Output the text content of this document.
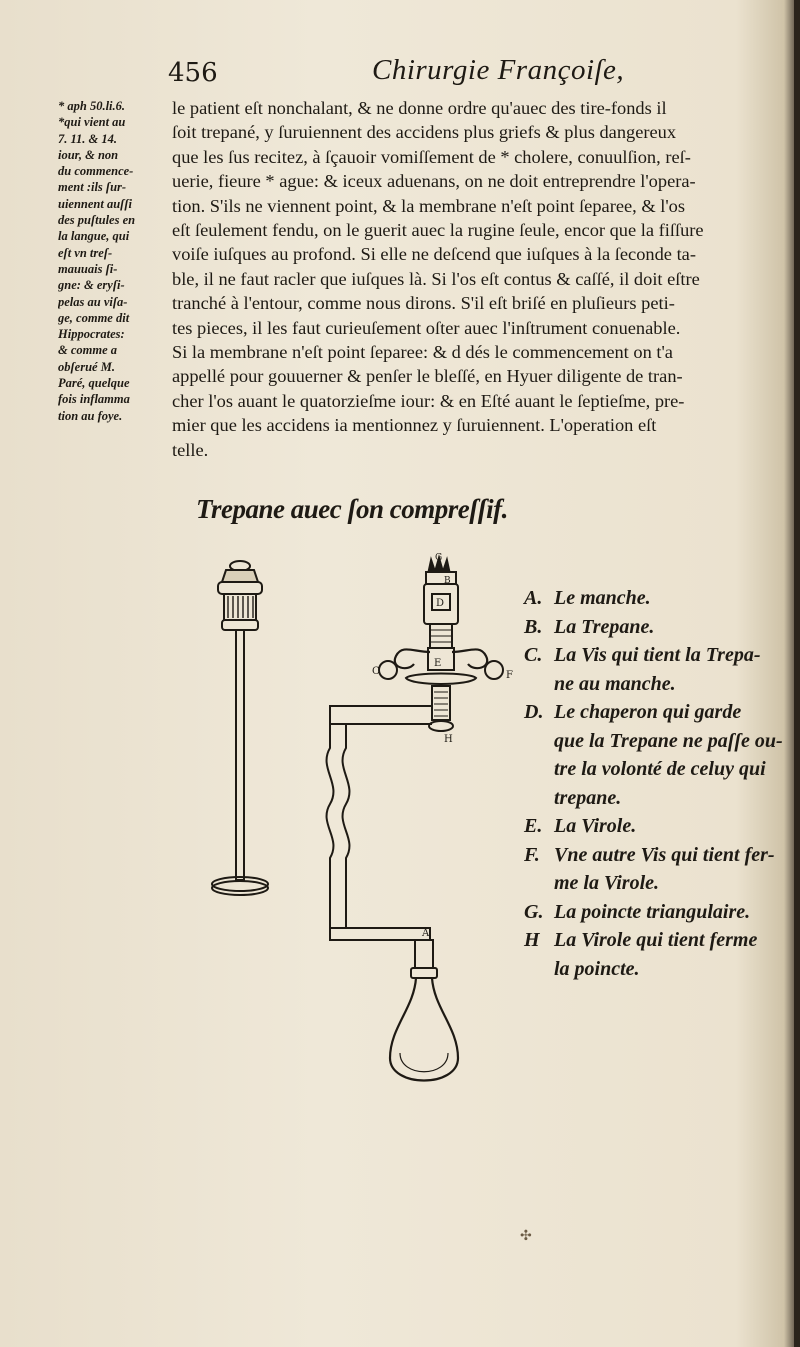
456	Chirurgie Françoiſe,
* aph 50.li.6.
*qui vient au
7. 11. & 14.
iour, & non
du commence-
ment :ils ſur-
uiennent auſſi
des puſtules en
la langue, qui
eſt vn treſ-
mauuais ſi-
gne: & eryſi-
pelas au viſa-
ge, comme dit
Hippocrates:
& comme a
obſerué M.
Paré, quelque
fois inflamma
tion au foye.
le patient eſt nonchalant, & ne donne ordre qu'auec des tire-fonds il
ſoit trepané, y ſuruiennent des accidens plus griefs & plus dangereux
que les ſus recitez, à ſçauoir vomiſſement de * cholere, conuulſion, reſ-
uerie, fieure * ague: & iceux aduenans, on ne doit entreprendre l'opera-
tion. S'ils ne viennent point, & la membrane n'eſt point ſeparee, & l'os
eſt ſeulement fendu, on le guerit auec la rugine ſeule, encor que la fiſſure
voiſe iuſques au profond. Si elle ne deſcend que iuſques à la ſeconde ta-
ble, il ne faut racler que iuſques là. Si l'os eſt contus & caſſé, il doit eſtre
tranché à l'entour, comme nous dirons. S'il eſt briſé en pluſieurs peti-
tes pieces, il les faut curieuſement oſter auec l'inſtrument conuenable.
Si la membrane n'eſt point ſeparee: & d dés le commencement on t'a
appellé pour gouuerner & penſer le bleſſé, en Hyuer diligente de tran-
cher l'os auant le quatorzieſme iour: & en Eſté auant le ſeptieſme, pre-
mier que les accidens ia mentionnez y ſuruiennent. L'operation eſt
telle.
Trepane auec ſon compreſſif.
G
B
D
C	F
E
H
A
A. Le manche.
B. La Trepane.
C. La Vis qui tient la Trepa-
ne au manche.
D. Le chaperon qui garde
que la Trepane ne paſſe ou-
tre la volonté de celuy qui
trepane.
E. La Virole.
F. Vne autre Vis qui tient fer-
me la Virole.
G. La poincte triangulaire.
H La Virole qui tient ferme
la poincte.
✣
